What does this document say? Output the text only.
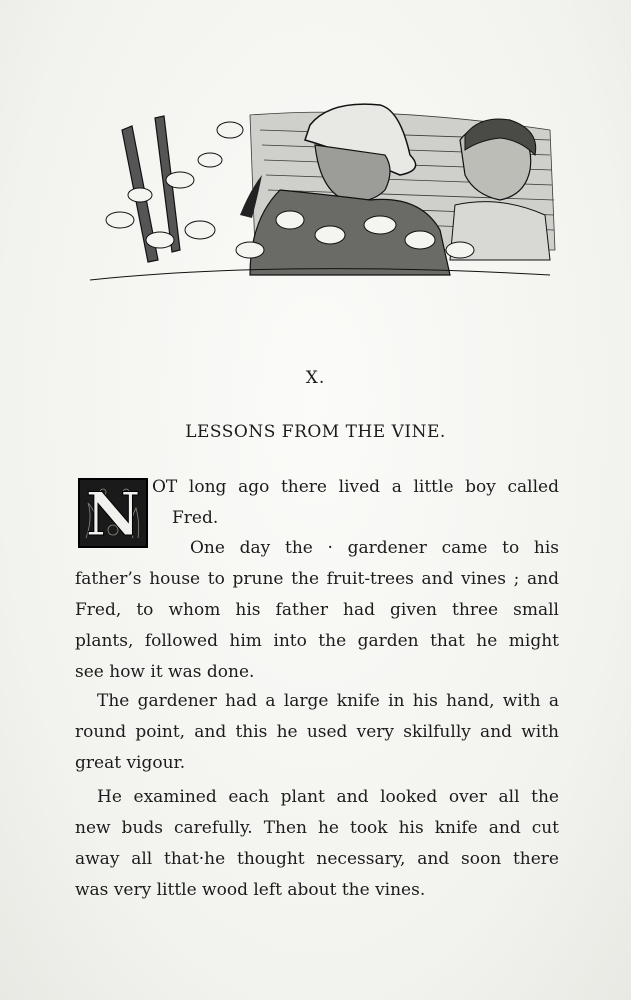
X.
LESSONS FROM THE VINE.
N OT long ago there lived a little boy called
Fred.
One day the · gardener came to his
father’s house to prune the fruit-trees and vines ; and
Fred, to whom his father had given three small
plants, followed him into the garden that he might
see how it was done.
The gardener had a large knife in his hand, with a
round point, and this he used very skilfully and with
great vigour.
He examined each plant and looked over all the
new buds carefully. Then he took his knife and cut
away all that·he thought necessary, and soon there
was very little wood left about the vines.
